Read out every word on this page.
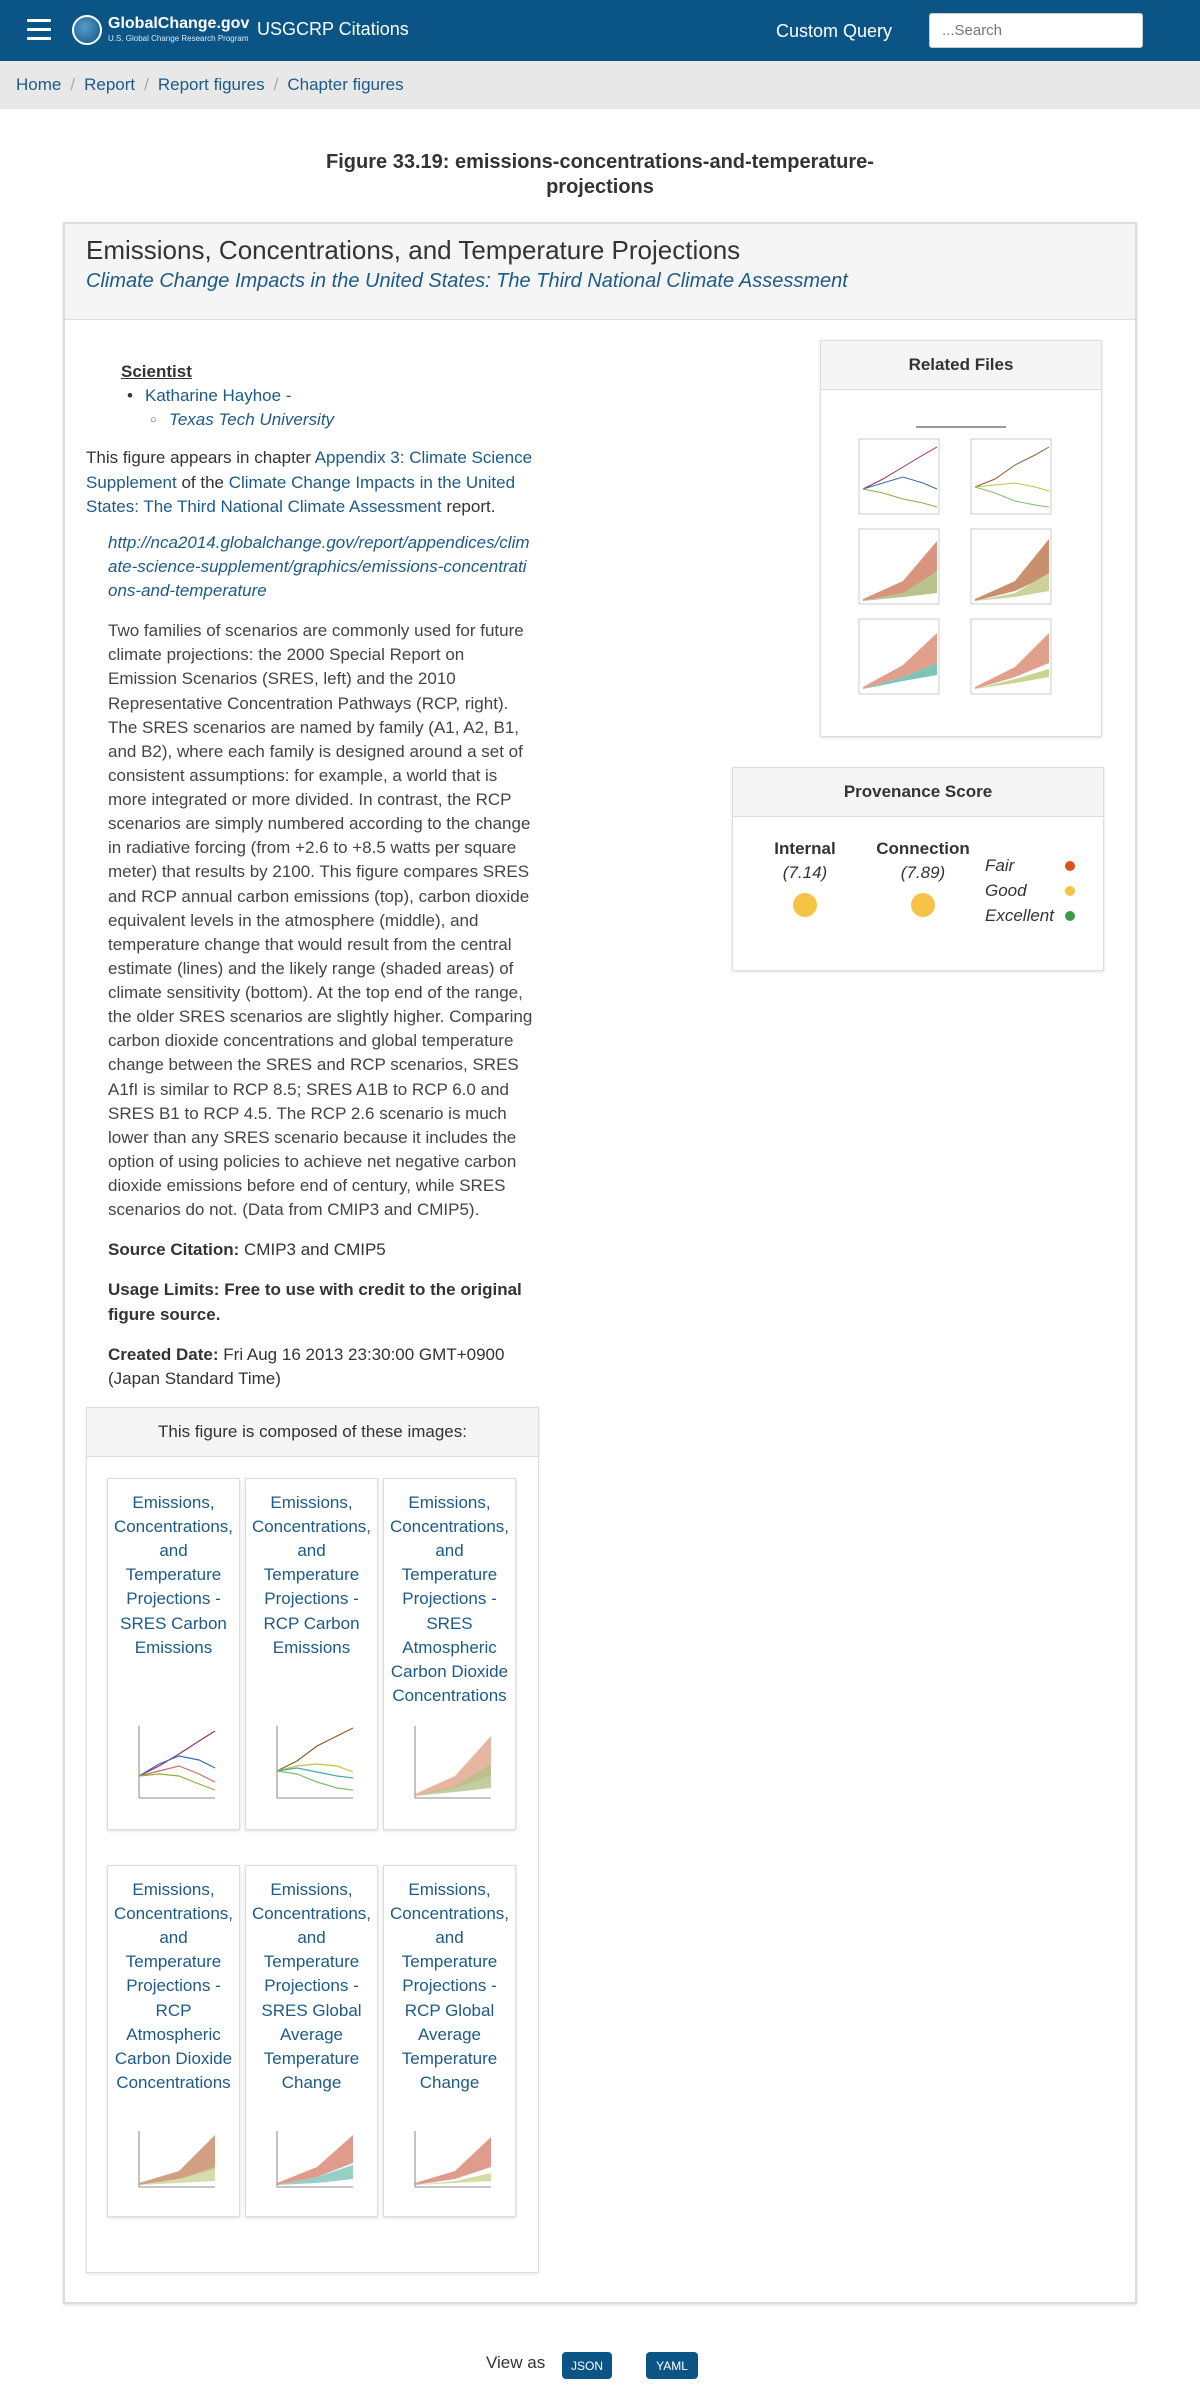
GlobalChange.gov
U.S. Global Change Research Program USGCRP Citations	Custom Query
...Search
Home / Report / Report figures / Chapter figures
Figure 33.19: emissions-concentrations-and-temperature-projections
Emissions, Concentrations, and Temperature Projections
Climate Change Impacts in the United States: The Third National Climate Assessment
Scientist
• Katharine Hayhoe -
○ Texas Tech University
This figure appears in chapter Appendix 3: Climate Science Supplement of the Climate Change Impacts in the United States: The Third National Climate Assessment report.
http://nca2014.globalchange.gov/report/appendices/climate-science-supplement/graphics/emissions-concentrations-and-temperature
Two families of scenarios are commonly used for future climate projections: the 2000 Special Report on Emission Scenarios (SRES, left) and the 2010 Representative Concentration Pathways (RCP, right). The SRES scenarios are named by family (A1, A2, B1, and B2), where each family is designed around a set of consistent assumptions: for example, a world that is more integrated or more divided. In contrast, the RCP scenarios are simply numbered according to the change in radiative forcing (from +2.6 to +8.5 watts per square meter) that results by 2100. This figure compares SRES and RCP annual carbon emissions (top), carbon dioxide equivalent levels in the atmosphere (middle), and temperature change that would result from the central estimate (lines) and the likely range (shaded areas) of climate sensitivity (bottom). At the top end of the range, the older SRES scenarios are slightly higher. Comparing carbon dioxide concentrations and global temperature change between the SRES and RCP scenarios, SRES A1fI is similar to RCP 8.5; SRES A1B to RCP 6.0 and SRES B1 to RCP 4.5. The RCP 2.6 scenario is much lower than any SRES scenario because it includes the option of using policies to achieve net negative carbon dioxide emissions before end of century, while SRES scenarios do not. (Data from CMIP3 and CMIP5).
Source Citation: CMIP3 and CMIP5
Usage Limits: Free to use with credit to the original figure source.
Created Date: Fri Aug 16 2013 23:30:00 GMT+0900 (Japan Standard Time)
This figure is composed of these images:
Emissions, Concentrations, and Temperature Projections - SRES Carbon Emissions
Emissions, Concentrations, and Temperature Projections - RCP Carbon Emissions
Emissions, Concentrations, and Temperature Projections - SRES Atmospheric Carbon Dioxide Concentrations
Emissions, Concentrations, and Temperature Projections - RCP Atmospheric Carbon Dioxide Concentrations
Emissions, Concentrations, and Temperature Projections - SRES Global Average Temperature Change
Emissions, Concentrations, and Temperature Projections - RCP Global Average Temperature Change
Related Files
Provenance Score
Internal
(7.14)
Connection
(7.89)	Fair
Good
Excellent
View as	JSON	YAML
